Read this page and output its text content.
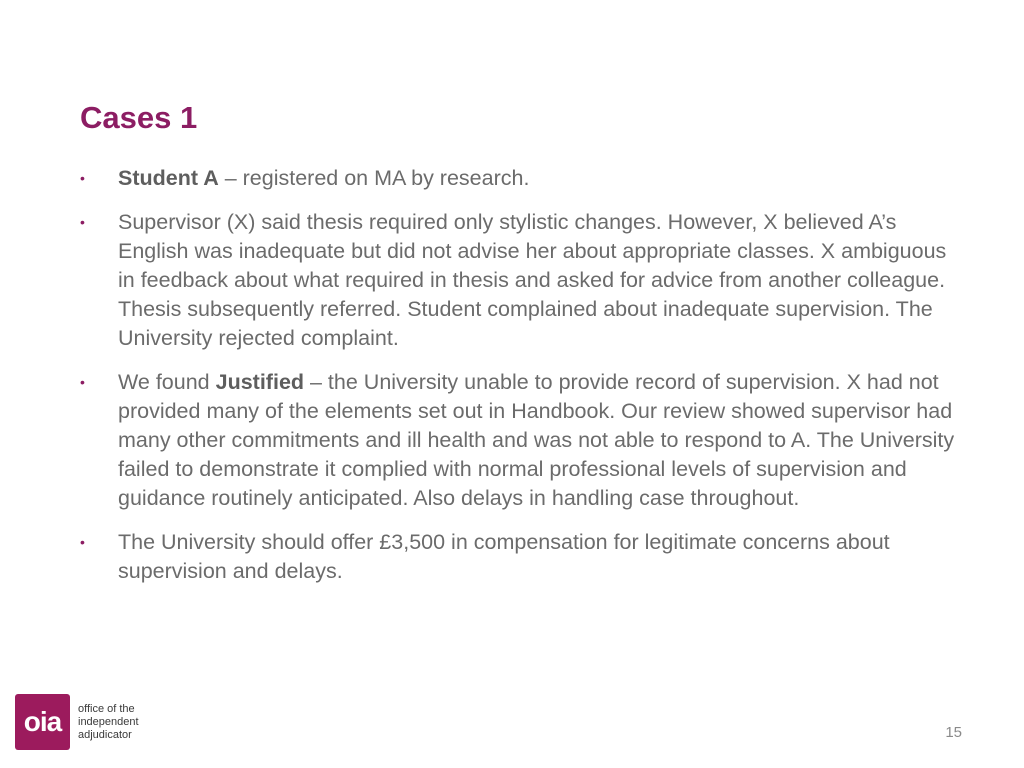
Cases 1
•	Student A – registered on MA by research.
•	Supervisor (X) said thesis required only stylistic changes. However, X believed A’s English was inadequate but did not advise her about appropriate classes. X ambiguous in feedback about what required in thesis and asked for advice from another colleague. Thesis subsequently referred. Student complained about inadequate supervision. The University rejected complaint.
•	We found Justified – the University unable to provide record of supervision. X had not provided many of the elements set out in Handbook. Our review showed supervisor had many other commitments and ill health and was not able to respond to A. The University failed to demonstrate it complied with normal professional levels of supervision and guidance routinely anticipated. Also delays in handling case throughout.
•	The University should offer £3,500 in compensation for legitimate concerns about supervision and delays.
oia	office of the
independent
adjudicator	15
